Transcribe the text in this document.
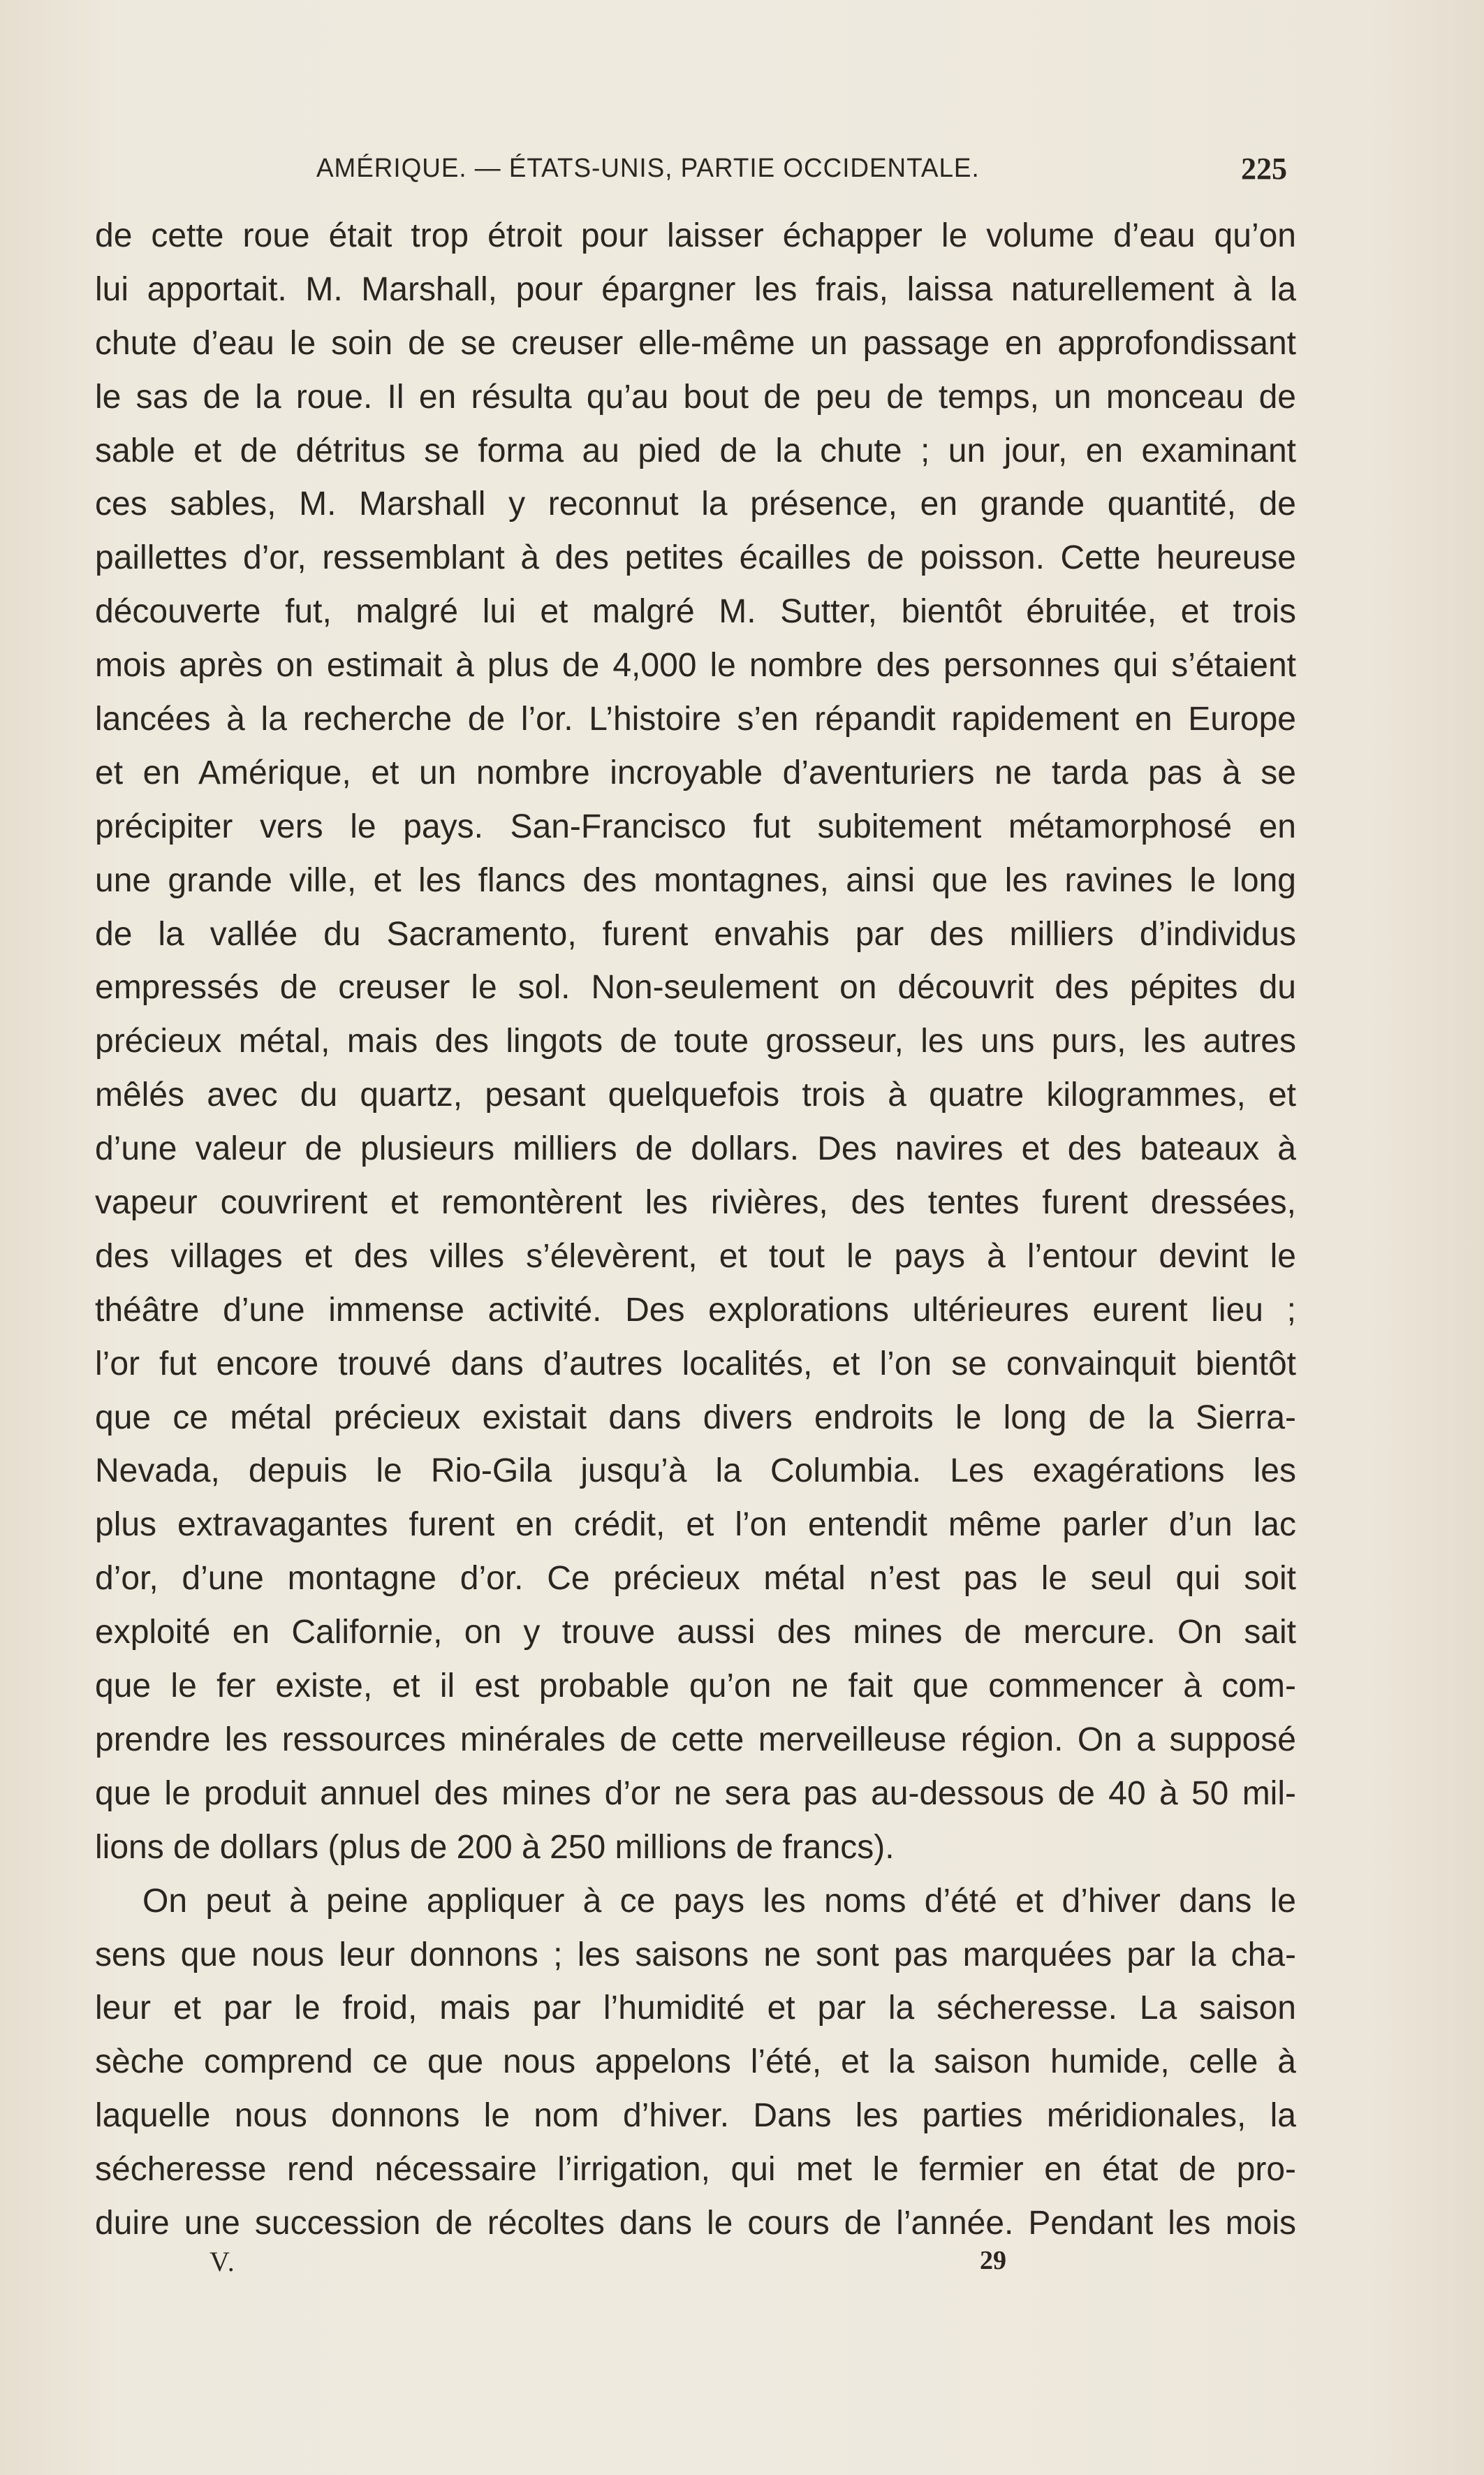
AMÉRIQUE. — ÉTATS-UNIS, PARTIE OCCIDENTALE.	225
de cette roue était trop étroit pour laisser échapper le volume d’eau qu’on
lui apportait. M. Marshall, pour épargner les frais, laissa naturellement à la
chute d’eau le soin de se creuser elle-même un passage en approfondissant
le sas de la roue. Il en résulta qu’au bout de peu de temps, un monceau de
sable et de détritus se forma au pied de la chute ; un jour, en examinant
ces sables, M. Marshall y reconnut la présence, en grande quantité, de
paillettes d’or, ressemblant à des petites écailles de poisson. Cette heureuse
découverte fut, malgré lui et malgré M. Sutter, bientôt ébruitée, et trois
mois après on estimait à plus de 4,000 le nombre des personnes qui s’étaient
lancées à la recherche de l’or. L’histoire s’en répandit rapidement en Europe
et en Amérique, et un nombre incroyable d’aventuriers ne tarda pas à se
précipiter vers le pays. San-Francisco fut subitement métamorphosé en
une grande ville, et les flancs des montagnes, ainsi que les ravines le long
de la vallée du Sacramento, furent envahis par des milliers d’individus
empressés de creuser le sol. Non-seulement on découvrit des pépites du
précieux métal, mais des lingots de toute grosseur, les uns purs, les autres
mêlés avec du quartz, pesant quelquefois trois à quatre kilogrammes, et
d’une valeur de plusieurs milliers de dollars. Des navires et des bateaux à
vapeur couvrirent et remontèrent les rivières, des tentes furent dressées,
des villages et des villes s’élevèrent, et tout le pays à l’entour devint le
théâtre d’une immense activité. Des explorations ultérieures eurent lieu ;
l’or fut encore trouvé dans d’autres localités, et l’on se convainquit bientôt
que ce métal précieux existait dans divers endroits le long de la Sierra-
Nevada, depuis le Rio-Gila jusqu’à la Columbia. Les exagérations les
plus extravagantes furent en crédit, et l’on entendit même parler d’un lac
d’or, d’une montagne d’or. Ce précieux métal n’est pas le seul qui soit
exploité en Californie, on y trouve aussi des mines de mercure. On sait
que le fer existe, et il est probable qu’on ne fait que commencer à com-
prendre les ressources minérales de cette merveilleuse région. On a supposé
que le produit annuel des mines d’or ne sera pas au-dessous de 40 à 50 mil-
lions de dollars (plus de 200 à 250 millions de francs).
On peut à peine appliquer à ce pays les noms d’été et d’hiver dans le
sens que nous leur donnons ; les saisons ne sont pas marquées par la cha-
leur et par le froid, mais par l’humidité et par la sécheresse. La saison
sèche comprend ce que nous appelons l’été, et la saison humide, celle à
laquelle nous donnons le nom d’hiver. Dans les parties méridionales, la
sécheresse rend nécessaire l’irrigation, qui met le fermier en état de pro-
duire une succession de récoltes dans le cours de l’année. Pendant les mois
V.	29
